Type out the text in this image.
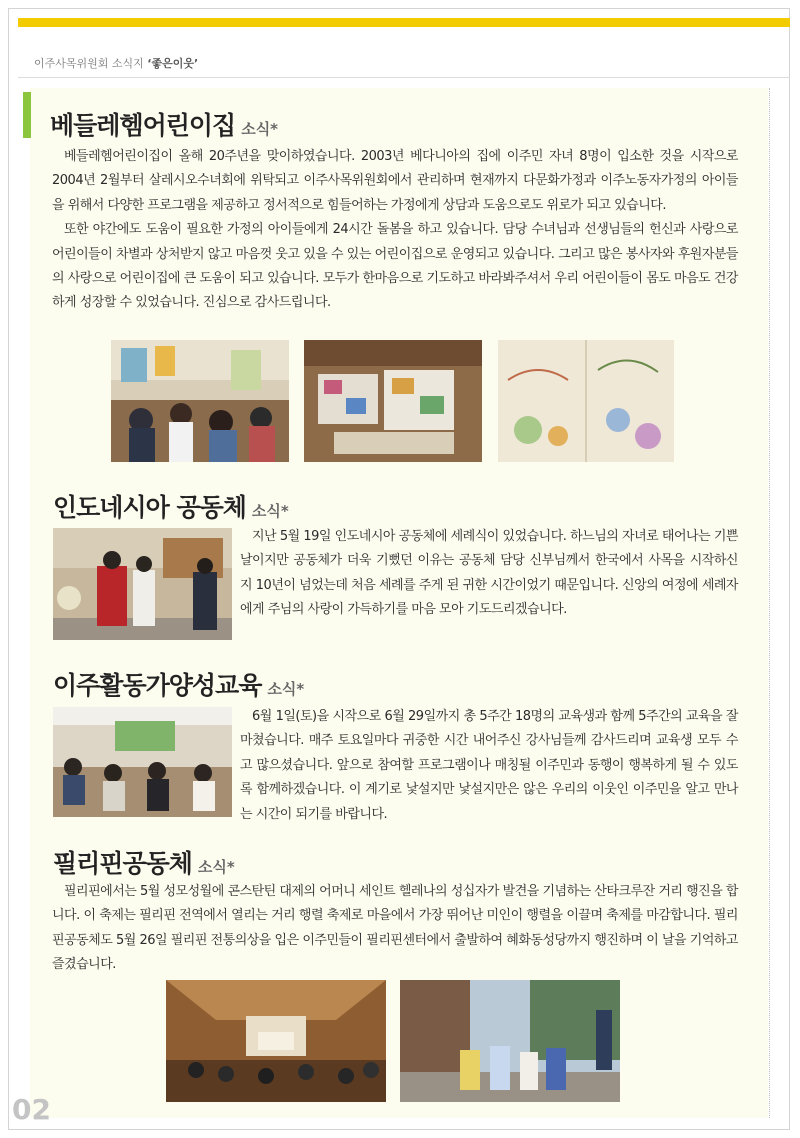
이주사목위원회 소식지 ‘좋은이웃’
베들레헴어린이집 소식*

베들레헴어린이집이 올해 20주년을 맞이하였습니다. 2003년 베다니아의 집에 이주민 자녀 8명이 입소한 것을 시작으로 2004년 2월부터 살레시오수녀회에 위탁되고 이주사목위원회에서 관리하며 현재까지 다문화가정과 이주노동자가정의 아이들을 위해서 다양한 프로그램을 제공하고 정서적으로 힘들어하는 가정에게 상담과 도움으로도 위로가 되고 있습니다.

또한 야간에도 도움이 필요한 가정의 아이들에게 24시간 돌봄을 하고 있습니다. 담당 수녀님과 선생님들의 헌신과 사랑으로 어린이들이 차별과 상처받지 않고 마음껏 웃고 있을 수 있는 어린이집으로 운영되고 있습니다. 그리고 많은 봉사자와 후원자분들의 사랑으로 어린이집에 큰 도움이 되고 있습니다. 모두가 한마음으로 기도하고 바라봐주셔서 우리 어린이들이 몸도 마음도 건강하게 성장할 수 있었습니다. 진심으로 감사드립니다.

인도네시아 공동체 소식*

지난 5월 19일 인도네시아 공동체에 세례식이 있었습니다. 하느님의 자녀로 태어나는 기쁜 날이지만 공동체가 더욱 기뻤던 이유는 공동체 담당 신부님께서 한국에서 사목을 시작하신 지 10년이 넘었는데 처음 세례를 주게 된 귀한 시간이었기 때문입니다. 신앙의 여정에 세례자에게 주님의 사랑이 가득하기를 마음 모아 기도드리겠습니다.

이주활동가양성교육 소식*

6월 1일(토)을 시작으로 6월 29일까지 총 5주간 18명의 교육생과 함께 5주간의 교육을 잘 마쳤습니다. 매주 토요일마다 귀중한 시간 내어주신 강사님들께 감사드리며 교육생 모두 수고 많으셨습니다. 앞으로 참여할 프로그램이나 매칭될 이주민과 동행이 행복하게 될 수 있도록 함께하겠습니다. 이 계기로 낯설지만 낯설지만은 않은 우리의 이웃인 이주민을 알고 만나는 시간이 되기를 바랍니다.

필리핀공동체 소식*

필리핀에서는 5월 성모성월에 콘스탄틴 대제의 어머니 세인트 헬레나의 성십자가 발견을 기념하는 산타크루잔 거리 행진을 합니다. 이 축제는 필리핀 전역에서 열리는 거리 행렬 축제로 마을에서 가장 뛰어난 미인이 행렬을 이끌며 축제를 마감합니다. 필리핀공동체도 5월 26일 필리핀 전통의상을 입은 이주민들이 필리핀센터에서 출발하여 혜화동성당까지 행진하며 이 날을 기억하고 즐겼습니다.

02
